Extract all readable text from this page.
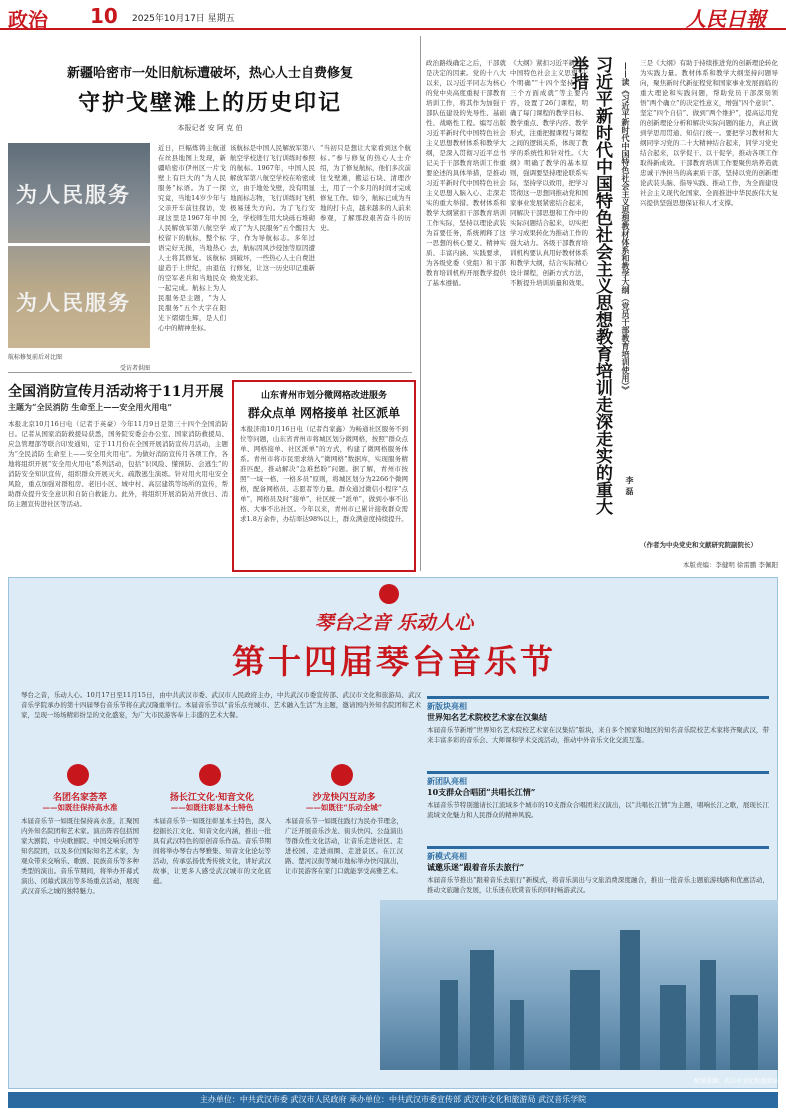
政治 10 2025年10月17日 星期五	人民日報
新疆哈密市一处旧航标遭破坏，热心人士自费修复
守护戈壁滩上的历史印记
本报记者 安 阿 克 伯
为人民服务
为人民服务
航标修复前后对比图
受访者供图
近日，巨幅炼铸主航道在丝县地图上发现，新疆哈密市伊州区一片戈壁上有巨大的“为人民服务”标语。为了一探究竟，当地14岁少年与父亲开车前往探访，发现这里是1967年中国人民解放军第八航空学校留下的航标，整个标语完好无损，当地热心人士将其修复。该航标建造于上世纪，由退伍的空军老兵和当地民众一起完成。航标上为人民服务是主题，“为人民服务”五个大字在阳光下熠熠生辉，是人们心中的精神坐标。
该航标是中国人民解放军第八航空学校进行飞行训练时参照的航标。1967年，中国人民解放军第八航空学校在哈密成立，由于地处戈壁，没有明显地面标志物，飞行训练时飞机极易迷失方向。为了飞行安全，学校师生用大块砾石堆砌成了“为人民服务”五个醒目大字，作为导航标志。多年过去，航标因风沙侵蚀等原因遭到破坏，一些热心人士自费进行修复，让这一历史印记重新焕发光彩。
“当初只是想让大家看到这个航标。”参与修复的热心人士介绍，为了修复航标，他们多次前往戈壁滩，搬运石块、清理沙土，用了一个多月的时间才完成修复工作。如今，航标已成为当地的打卡点，越来越多的人前来参观，了解那段艰苦奋斗的历史。
全国消防宣传月活动将于11月开展
主题为“全民消防 生命至上——安全用火用电”
本报北京10月16日电（记者于英豪）今年11月9日是第三十四个全国消防日。记者从国家消防救援局获悉，国务院安委会办公室、国家消防救援局、应急管理部等联合印发通知，定于11月份在全国开展消防宣传月活动，主题为“全民消防 生命至上——安全用火用电”。为做好消防宣传月各项工作，各地将组织开展“安全用火用电”系列活动，包括“识风险、懂预防、会逃生”的消防安全知识宣传，组织群众开展灭火、疏散逃生演练。针对用火用电安全风险，重点加强对群租房、老旧小区、城中村、高层建筑等场所的宣传，帮助群众提升安全意识和自防自救能力。此外，将组织开展消防站开放日、消防主题宣传进社区等活动。
山东青州市划分微网格改进服务
群众点单 网格接单 社区派单
本报济南10月16日电（记者肖家鑫）为畅通社区服务不到位等问题，山东省青州市将城区划分微网格，按照“群众点单、网格接单、社区派单”的方式，构建了微网格服务体系。青州市将市民需求纳入“微网格”数据库，实现服务精准匹配，推动解决“急难愁盼”问题。据了解，青州市按照“一域一格、一格多员”原则，将城区划分为2266个微网格，配备网格员、志愿者等力量。群众通过微信小程序“点单”，网格员及时“接单”，社区统一“派单”，做到小事不出格、大事不出社区。今年以来，青州市已累计接收群众需求1.8万余件，办结率达98%以上，群众满意度持续提升。
政治路线确定之后，干部就是决定的因素。党的十八大以来，以习近平同志为核心的党中央高度重视干部教育培训工作，将其作为加强干部队伍建设的先导性、基础性、战略性工程。编写出版习近平新时代中国特色社会主义思想教材体系和教学大纲，是深入贯彻习近平总书记关于干部教育培训工作重要论述的具体举措，是推动习近平新时代中国特色社会主义思想入脑入心、走深走实的重大举措。教材体系和教学大纲紧扣干部教育培训工作实际，坚持以理论武装为首要任务，系统阐释了这一思想的核心要义、精神实质、丰富内涵、实践要求，为各级党委（党组）和干部教育培训机构开展教学提供了基本遵循。
《大纲》紧扣习近平新时代中国特色社会主义思想“十个明确”“十四个坚持”“十三个方面成就”等主要内容，设置了26门课程，明确了每门课程的教学目标、教学重点、教学内容、教学形式，注重把握课程与课程之间的逻辑关系，体现了教学的系统性和针对性。《大纲》明确了教学的基本原则，强调要坚持理论联系实际，坚持学以致用，把学习贯彻这一思想同推动党和国家事业发展紧密结合起来，同解决干部思想和工作中的实际问题结合起来，切实把学习成果转化为推动工作的强大动力。各级干部教育培训机构要认真用好教材体系和教学大纲，结合实际精心设计课程，创新方式方法，不断提升培训质量和效果。 习近平新时代中国特色社会主义思想教育培训走深走实的重大举措	——读《习近平新时代中国特色社会主义思想教材体系和教学大纲（党员干部教育培训使用）》
李 磊
三是《大纲》有助于持续推进党的创新理论转化为实践力量。教材体系和教学大纲坚持问题导向，聚焦新时代新征程党和国家事业发展面临的重大理论和实践问题，帮助党员干部深刻领悟“两个确立”的决定性意义，增强“四个意识”、坚定“四个自信”、做到“两个维护”，提高运用党的创新理论分析和解决实际问题的能力，真正做到学思用贯通、知信行统一。要把学习教材和大纲同学习党的二十大精神结合起来，同学习党史结合起来，以学促干、以干促学，推动各项工作取得新成效。干部教育培训工作要聚焦培养造就忠诚干净担当的高素质干部，坚持以党的创新理论武装头脑、指导实践、推动工作，为全面建设社会主义现代化国家、全面推进中华民族伟大复兴提供坚强思想保证和人才支撑。
（作者为中央党史和文献研究院副院长）
本版责编：李健明 徐雷鹏 李佩阳
琴台之音 乐动人心
第十四届琴台音乐节
琴台之音，乐动人心。10月17日至11月15日，由中共武汉市委、武汉市人民政府主办，中共武汉市委宣传部、武汉市文化和旅游局、武汉音乐学院承办的第十四届琴台音乐节将在武汉隆重举行。本届音乐节以“音乐点亮城市、艺术融入生活”为主题，邀请国内外知名院团和艺术家，呈现一场场精彩纷呈的文化盛宴，为广大市民游客奉上丰盛的艺术大餐。
名团名家荟萃
——如既往保持高水准
本届音乐节一如既往保持高水准，汇聚国内外知名院团和艺术家。演出阵容包括国家大剧院、中央歌剧院、中国交响乐团等知名院团，以及多位国际知名艺术家，为观众带来交响乐、歌剧、民族音乐等多种类型的演出。音乐节期间，将举办开幕式演出、闭幕式演出等多场重点活动，展现武汉音乐之城的独特魅力。
扬长江文化·知音文化
——如既往彰显本土特色
本届音乐节一如既往彰显本土特色，深入挖掘长江文化、知音文化内涵，推出一批具有武汉特色的原创音乐作品。音乐节期间将举办琴台古琴雅集、知音文化论坛等活动，传承弘扬优秀传统文化，讲好武汉故事，让更多人感受武汉城市的文化底蕴。
沙龙快闪互动多
——如既往“乐动全城”
本届音乐节一如既往践行为民办节理念，广泛开展音乐沙龙、街头快闪、公益演出等群众性文化活动，让音乐走进社区、走进校园、走进商圈、走进景区。在江汉路、楚河汉街等城市地标举办快闪演出，让市民游客在家门口就能享受高雅艺术。
新版块亮相
世界知名艺术院校艺术家在汉集结
本届音乐节新增“世界知名艺术院校艺术家在汉集结”版块，来自多个国家和地区的知名音乐院校艺术家将齐聚武汉，带来丰富多彩的音乐会、大师课和学术交流活动，推动中外音乐文化交流互鉴。
新团队亮相
10支群众合唱团“共唱长江情”
本届音乐节特别邀请长江流域多个城市的10支群众合唱团来汉演出，以“共唱长江情”为主题，唱响长江之歌，展现长江流域文化魅力和人民群众的精神风貌。
新模式亮相
诚邀乐迷“跟着音乐去旅行”
本届音乐节推出“跟着音乐去旅行”新模式，将音乐演出与文旅消费深度融合，推出一批音乐主题旅游线路和优惠活动，推动文旅融合发展，让乐迷在欣赏音乐的同时畅游武汉。
配图来源：武汉市文化和旅游局
主办单位：中共武汉市委 武汉市人民政府 承办单位：中共武汉市委宣传部 武汉市文化和旅游局 武汉音乐学院
